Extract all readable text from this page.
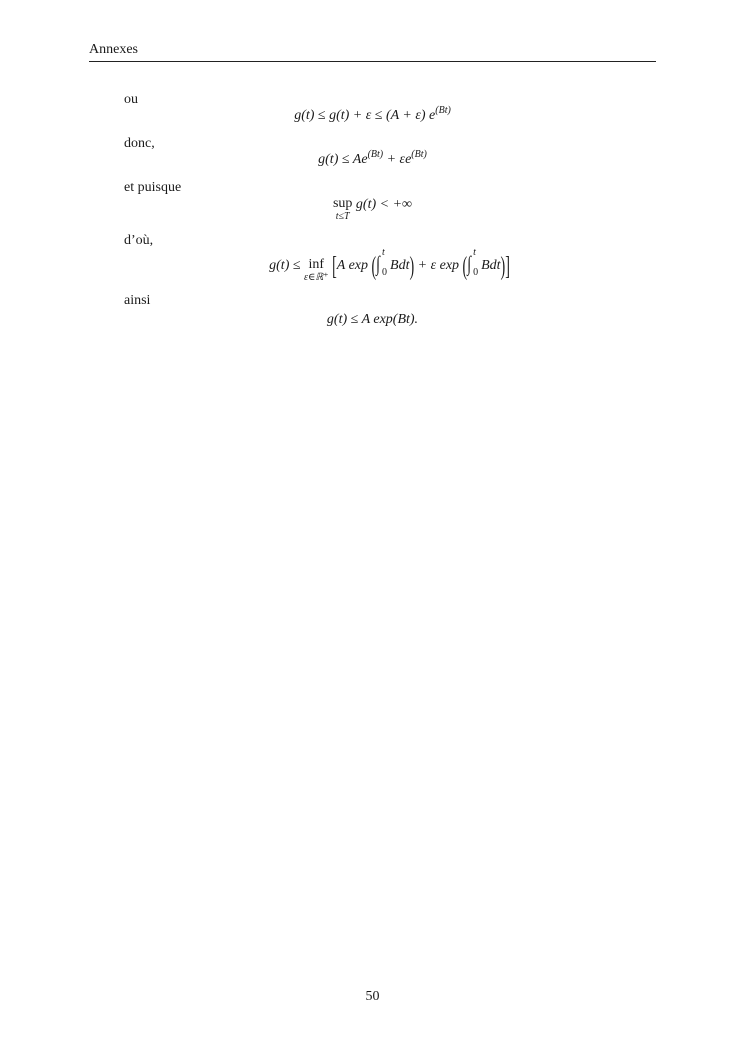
Annexes
ou
g(t) ≤ g(t) + ε ≤ (A + ε) $e^{(Bt)}$
donc,
$g(t) \le Ae^{(Bt)} + \varepsilon e^{(Bt)}$
et puisque
sup
t≤T
g(t) < +∞
d’où,
g(t) ≤ inf
ε∈ℝ⁺ [A exp (∫
t
0 Bdt) + ε exp (∫
t
0 Bdt)]
ainsi
g(t) ≤ A exp(Bt).
50
